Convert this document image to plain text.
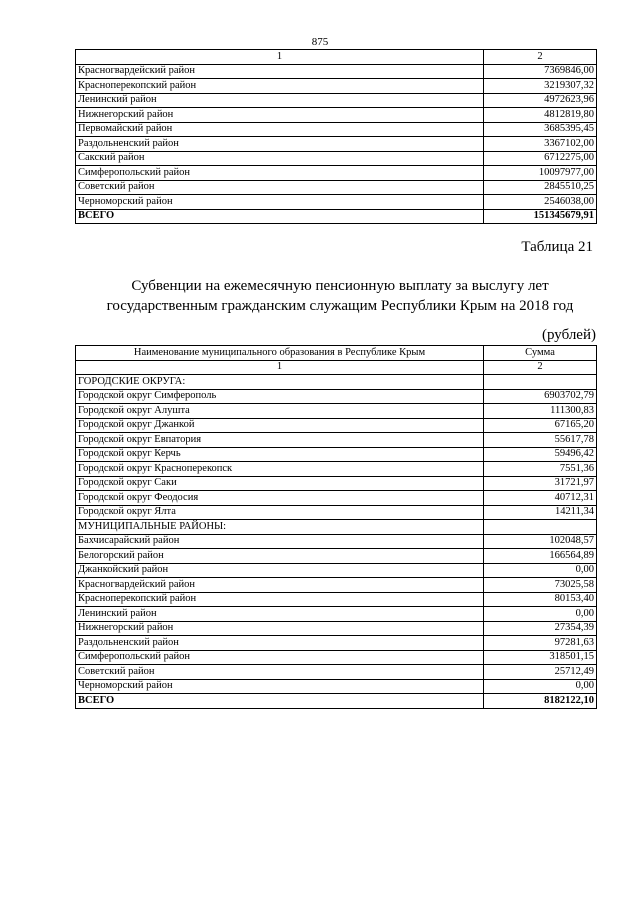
875
1	2
Красногвардейский район	7369846,00
Красноперекопский район	3219307,32
Ленинский район	4972623,96
Нижнегорский район	4812819,80
Первомайский район	3685395,45
Раздольненский район	3367102,00
Сакский район	6712275,00
Симферопольский район	10097977,00
Советский район	2845510,25
Черноморский район	2546038,00
ВСЕГО	151345679,91
Таблица 21
Субвенции на ежемесячную пенсионную выплату за выслугу лет
государственным гражданским служащим Республики Крым на 2018 год
(рублей)
Наименование муниципального образования в Республике Крым	Сумма
1	2
ГОРОДСКИЕ ОКРУГА:	
Городской округ Симферополь	6903702,79
Городской округ Алушта	111300,83
Городской округ Джанкой	67165,20
Городской округ Евпатория	55617,78
Городской округ Керчь	59496,42
Городской округ Красноперекопск	7551,36
Городской округ Саки	31721,97
Городской округ Феодосия	40712,31
Городской округ Ялта	14211,34
МУНИЦИПАЛЬНЫЕ РАЙОНЫ:	
Бахчисарайский район	102048,57
Белогорский район	166564,89
Джанкойский район	0,00
Красногвардейский район	73025,58
Красноперекопский район	80153,40
Ленинский район	0,00
Нижнегорский район	27354,39
Раздольненский район	97281,63
Симферопольский район	318501,15
Советский район	25712,49
Черноморский район	0,00
ВСЕГО	8182122,10
